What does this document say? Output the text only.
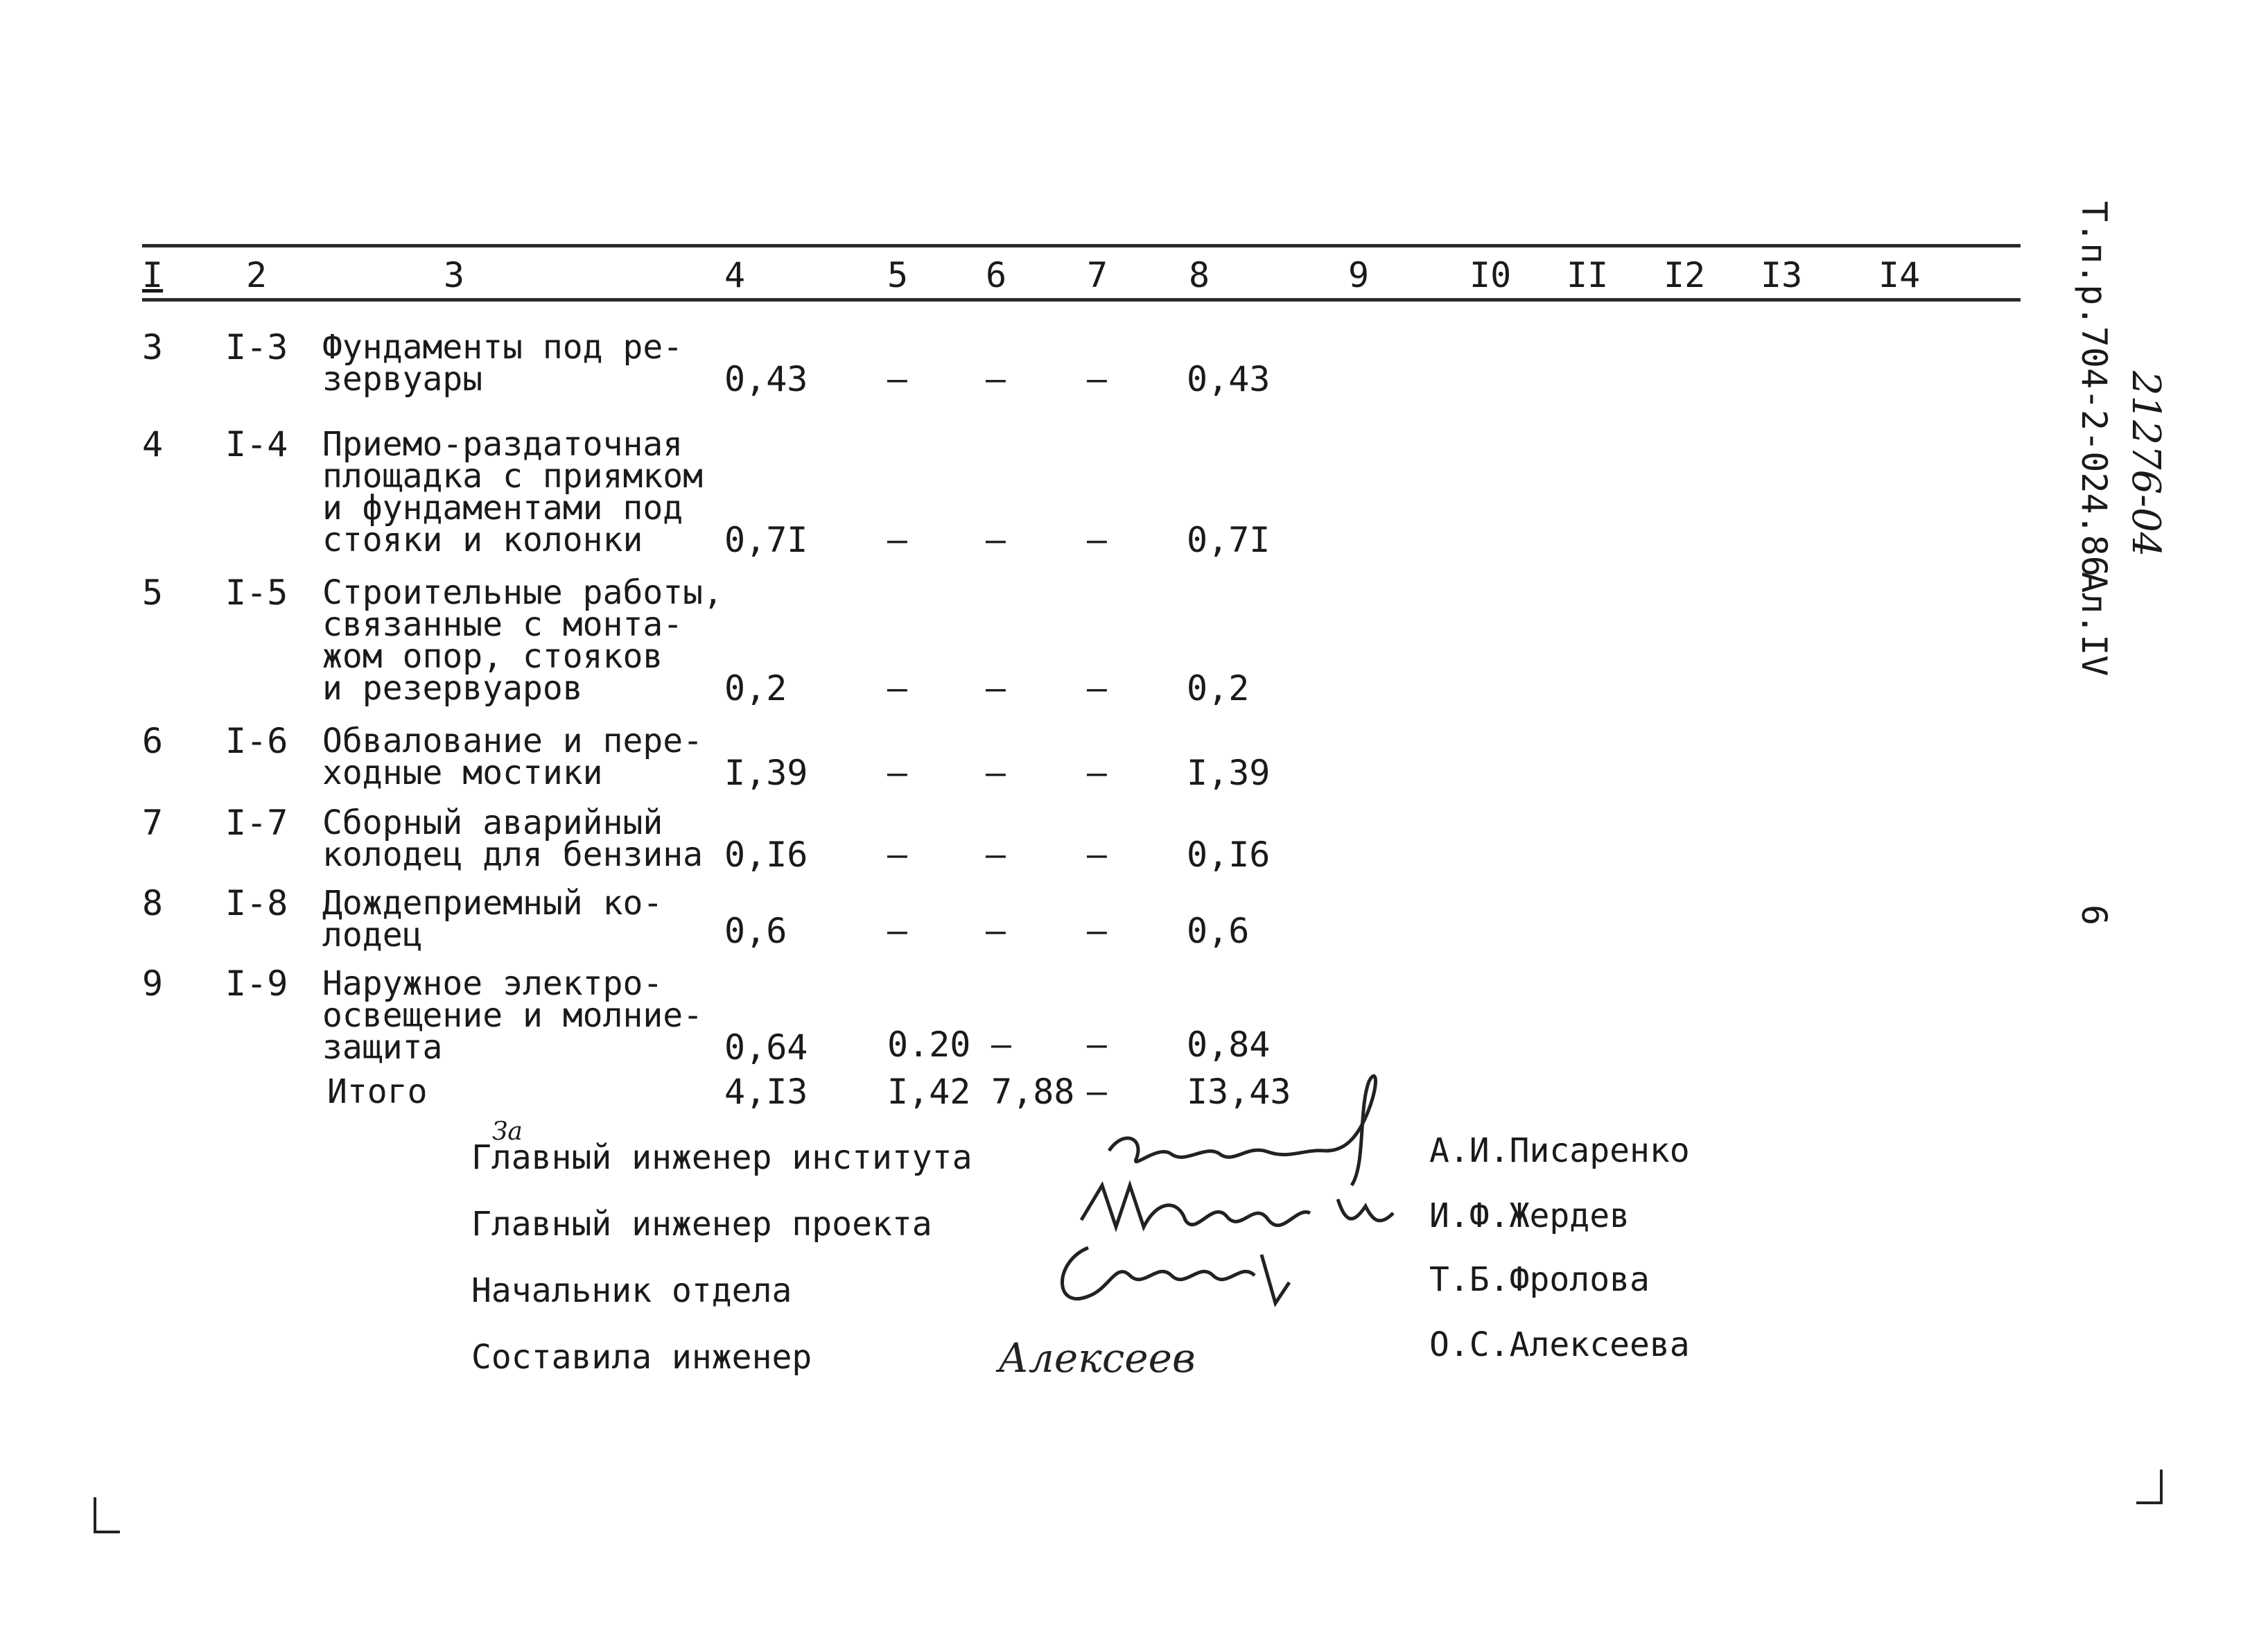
I 2	3	4	5 6 7 8	9	I0 II I2 I3 I4
3 I-3 Фундаменты под ре-
зервуары	0,43 – – – 0,43
4 I-4 Приемо-раздаточная
площадка с приямком
и фундаментами под
стояки и колонки	0,7I – – – 0,7I
5 I-5 Строительные работы,
связанные с монта-
жом опор, стояков
и резервуаров	0,2	– – – 0,2
6 I-6 Обвалование и пере-
ходные мостики	I,39 – – – I,39
7 I-7 Сборный аварийный
колодец для бензина 0,I6 – – – 0,I6
8 I-8 Дождеприемный ко-
лодец	0,6	– – – 0,6
9 I-9 Наружное электро-
освещение и молние-
защита	0,64 0.20 – – 0,84
Итого	4,I3 I,42 7,88 – I3,43
За
Главный инженер института	А.И.Писаренко
Главный инженер проекта	И.Ф.Жердев
Начальник отдела	Т.Б.Фролова
Составила инженер	О.С.Алексеева
Алексеев
Т.п.р.704-2-024.86 21276-04
Ал.IV
6
